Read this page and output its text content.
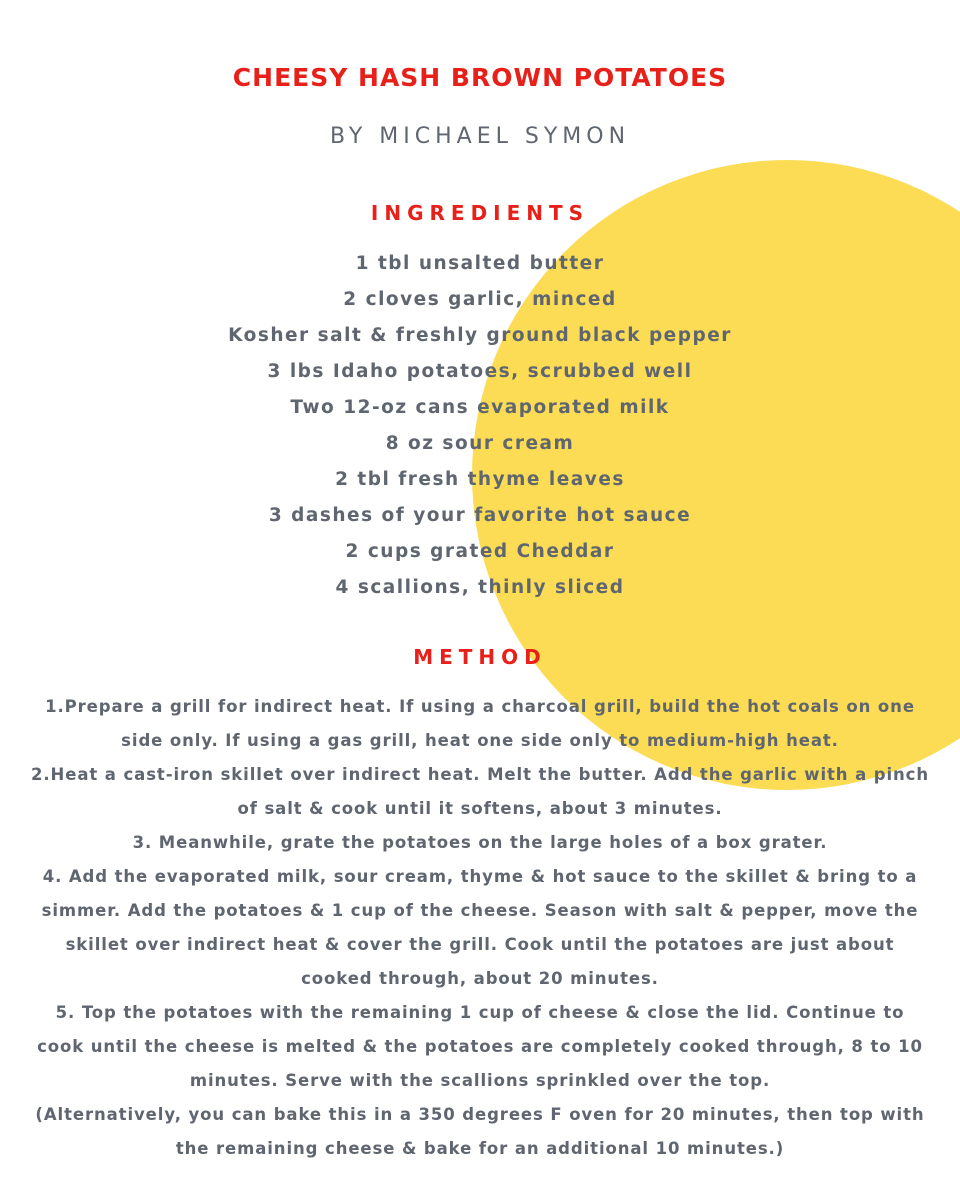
CHEESY HASH BROWN POTATOES
BY MICHAEL SYMON
INGREDIENTS
1 tbl unsalted butter
2 cloves garlic, minced
Kosher salt & freshly ground black pepper
3 lbs Idaho potatoes, scrubbed well
Two 12-oz cans evaporated milk
8 oz sour cream
2 tbl fresh thyme leaves
3 dashes of your favorite hot sauce
2 cups grated Cheddar
4 scallions, thinly sliced
METHOD

1.Prepare a grill for indirect heat. If using a charcoal grill, build the hot coals on one side only. If using a gas grill, heat one side only to medium-high heat.

2.Heat a cast-iron skillet over indirect heat. Melt the butter. Add the garlic with a pinch of salt & cook until it softens, about 3 minutes.

3. Meanwhile, grate the potatoes on the large holes of a box grater.

4. Add the evaporated milk, sour cream, thyme & hot sauce to the skillet & bring to a simmer. Add the potatoes & 1 cup of the cheese. Season with salt & pepper, move the skillet over indirect heat & cover the grill. Cook until the potatoes are just about cooked through, about 20 minutes.

5. Top the potatoes with the remaining 1 cup of cheese & close the lid. Continue to cook until the cheese is melted & the potatoes are completely cooked through, 8 to 10 minutes. Serve with the scallions sprinkled over the top.

(Alternatively, you can bake this in a 350 degrees F oven for 20 minutes, then top with the remaining cheese & bake for an additional 10 minutes.)
